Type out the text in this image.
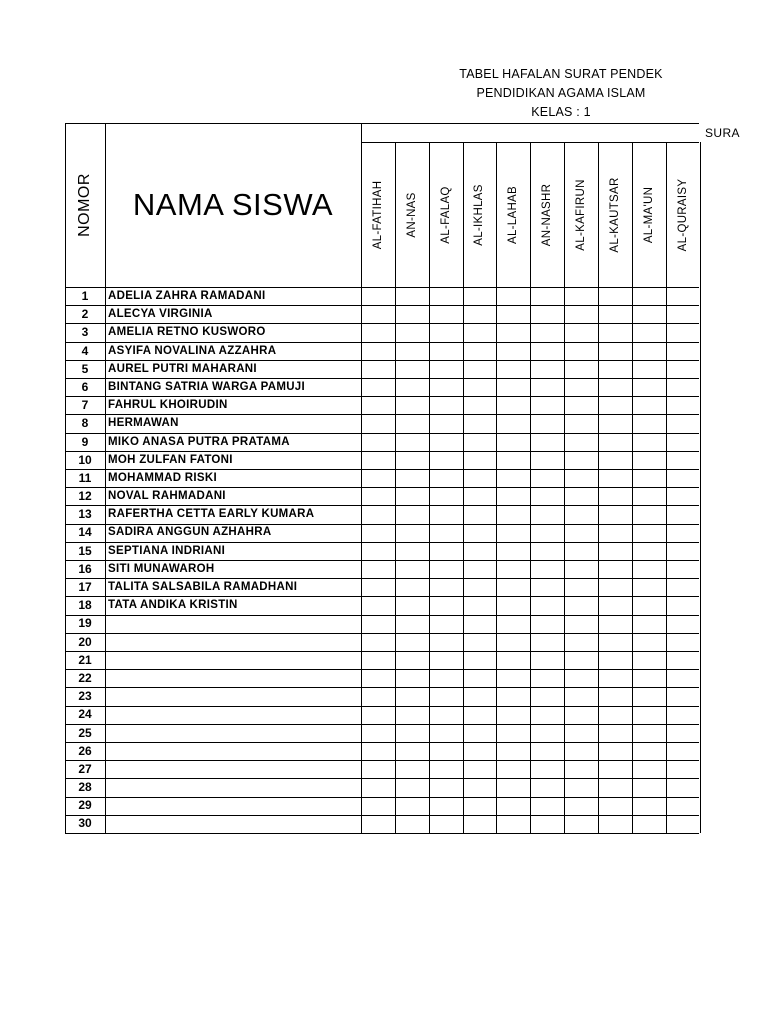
TABEL HAFALAN SURAT PENDEK
PENDIDIKAN AGAMA ISLAM
KELAS : 1
SURA
NOMOR	NAMA SISWA	AL-FATIHAH AN-NAS AL-FALAQ AL-IKHLAS AL-LAHAB AN-NASHR AL-KAFIRUN AL-KAUTSAR AL-MA'UN AL-QURAISY
1	ADELIA ZAHRA RAMADANI
2	ALECYA VIRGINIA
3	AMELIA RETNO KUSWORO
4	ASYIFA NOVALINA AZZAHRA
5	AUREL PUTRI MAHARANI
6	BINTANG SATRIA WARGA PAMUJI
7	FAHRUL KHOIRUDIN
8	HERMAWAN
9	MIKO ANASA PUTRA PRATAMA
10	MOH ZULFAN FATONI
11	MOHAMMAD RISKI
12	NOVAL RAHMADANI
13	RAFERTHA CETTA EARLY KUMARA
14	SADIRA ANGGUN AZHAHRA
15	SEPTIANA INDRIANI
16	SITI MUNAWAROH
17	TALITA SALSABILA RAMADHANI
18	TATA ANDIKA KRISTIN
19
20
21
22
23
24
25
26
27
28
29
30
